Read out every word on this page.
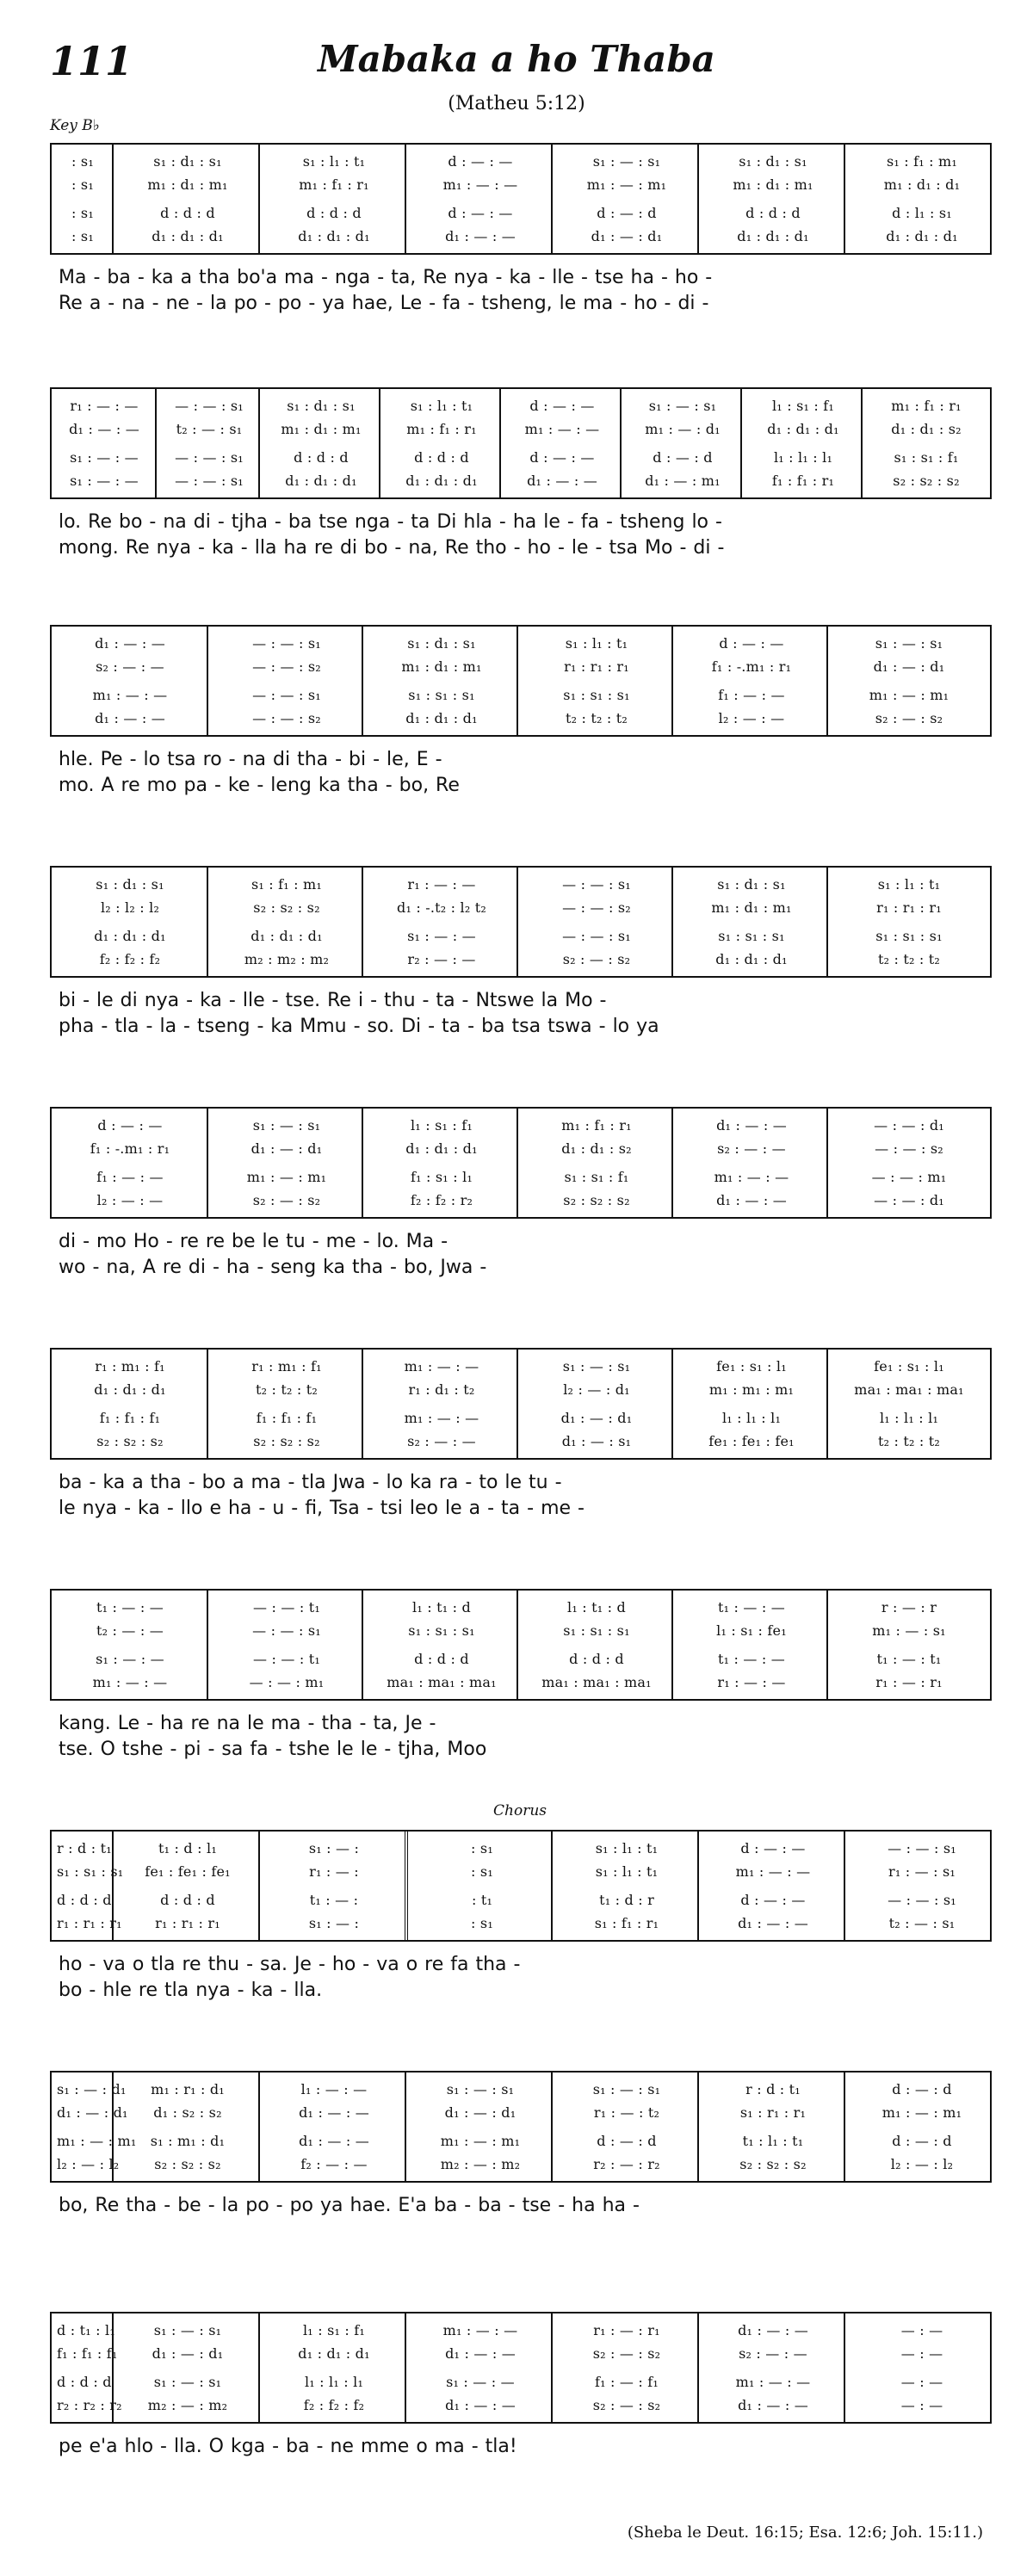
111	Mabaka a ho Thaba
(Matheu 5:12)
Key B♭
: s₁
: s₁
: s₁
: s₁
s₁ : d₁ : s₁
m₁ : d₁ : m₁
d : d : d
d₁ : d₁ : d₁
s₁ : l₁ : t₁
m₁ : f₁ : r₁
d : d : d
d₁ : d₁ : d₁
d : — : —
m₁ : — : —
d : — : —
d₁ : — : —
s₁ : — : s₁
m₁ : — : m₁
d : — : d
d₁ : — : d₁
s₁ : d₁ : s₁
m₁ : d₁ : m₁
d : d : d
d₁ : d₁ : d₁
s₁ : f₁ : m₁
m₁ : d₁ : d₁
d : l₁ : s₁
d₁ : d₁ : d₁
Ma - ba - ka a tha bo'a ma - nga - ta, Re nya - ka - lle - tse ha - ho -
Re a - na - ne - la po - po - ya hae, Le - fa - tsheng, le ma - ho - di -
r₁ : — : —
d₁ : — : —
s₁ : — : —
s₁ : — : —
— : — : s₁
t₂ : — : s₁
— : — : s₁
— : — : s₁
s₁ : d₁ : s₁
m₁ : d₁ : m₁
d : d : d
d₁ : d₁ : d₁
s₁ : l₁ : t₁
m₁ : f₁ : r₁
d : d : d
d₁ : d₁ : d₁
d : — : —
m₁ : — : —
d : — : —
d₁ : — : —
s₁ : — : s₁
m₁ : — : d₁
d : — : d
d₁ : — : m₁
l₁ : s₁ : f₁
d₁ : d₁ : d₁
l₁ : l₁ : l₁
f₁ : f₁ : r₁
m₁ : f₁ : r₁
d₁ : d₁ : s₂
s₁ : s₁ : f₁
s₂ : s₂ : s₂
lo. Re bo - na di - tjha - ba tse nga - ta Di hla - ha le - fa - tsheng lo -
mong. Re nya - ka - lla ha re di bo - na, Re tho - ho - le - tsa Mo - di -
d₁ : — : —
s₂ : — : —
m₁ : — : —
d₁ : — : —
— : — : s₁
— : — : s₂
— : — : s₁
— : — : s₂
s₁ : d₁ : s₁
m₁ : d₁ : m₁
s₁ : s₁ : s₁
d₁ : d₁ : d₁
s₁ : l₁ : t₁
r₁ : r₁ : r₁
s₁ : s₁ : s₁
t₂ : t₂ : t₂
d : — : —
f₁ : -.m₁ : r₁
f₁ : — : —
l₂ : — : —
s₁ : — : s₁
d₁ : — : d₁
m₁ : — : m₁
s₂ : — : s₂
hle. Pe - lo tsa ro - na di tha - bi - le, E -
mo. A re mo pa - ke - leng ka tha - bo, Re
s₁ : d₁ : s₁
l₂ : l₂ : l₂
d₁ : d₁ : d₁
f₂ : f₂ : f₂
s₁ : f₁ : m₁
s₂ : s₂ : s₂
d₁ : d₁ : d₁
m₂ : m₂ : m₂
r₁ : — : —
d₁ : -.t₂ : l₂ t₂
s₁ : — : —
r₂ : — : —
— : — : s₁
— : — : s₂
— : — : s₁
s₂ : — : s₂
s₁ : d₁ : s₁
m₁ : d₁ : m₁
s₁ : s₁ : s₁
d₁ : d₁ : d₁
s₁ : l₁ : t₁
r₁ : r₁ : r₁
s₁ : s₁ : s₁
t₂ : t₂ : t₂
bi - le di nya - ka - lle - tse. Re i - thu - ta - Ntswe la Mo -
pha - tla - la - tseng - ka Mmu - so. Di - ta - ba tsa tswa - lo ya
d : — : —
f₁ : -.m₁ : r₁
f₁ : — : —
l₂ : — : —
s₁ : — : s₁
d₁ : — : d₁
m₁ : — : m₁
s₂ : — : s₂
l₁ : s₁ : f₁
d₁ : d₁ : d₁
f₁ : s₁ : l₁
f₂ : f₂ : r₂
m₁ : f₁ : r₁
d₁ : d₁ : s₂
s₁ : s₁ : f₁
s₂ : s₂ : s₂
d₁ : — : —
s₂ : — : —
m₁ : — : —
d₁ : — : —
— : — : d₁
— : — : s₂
— : — : m₁
— : — : d₁
di - mo Ho - re re be le tu - me - lo. Ma -
wo - na, A re di - ha - seng ka tha - bo, Jwa -
r₁ : m₁ : f₁
d₁ : d₁ : d₁
f₁ : f₁ : f₁
s₂ : s₂ : s₂
r₁ : m₁ : f₁
t₂ : t₂ : t₂
f₁ : f₁ : f₁
s₂ : s₂ : s₂
m₁ : — : —
r₁ : d₁ : t₂
m₁ : — : —
s₂ : — : —
s₁ : — : s₁
l₂ : — : d₁
d₁ : — : d₁
d₁ : — : s₁
fe₁ : s₁ : l₁
m₁ : m₁ : m₁
l₁ : l₁ : l₁
fe₁ : fe₁ : fe₁
fe₁ : s₁ : l₁
ma₁ : ma₁ : ma₁
l₁ : l₁ : l₁
t₂ : t₂ : t₂
ba - ka a tha - bo a ma - tla Jwa - lo ka ra - to le tu -
le nya - ka - llo e ha - u - fi, Tsa - tsi leo le a - ta - me -
t₁ : — : —
t₂ : — : —
s₁ : — : —
m₁ : — : —
— : — : t₁
— : — : s₁
— : — : t₁
— : — : m₁
l₁ : t₁ : d
s₁ : s₁ : s₁
d : d : d
ma₁ : ma₁ : ma₁
l₁ : t₁ : d
s₁ : s₁ : s₁
d : d : d
ma₁ : ma₁ : ma₁
t₁ : — : —
l₁ : s₁ : fe₁
t₁ : — : —
r₁ : — : —
r : — : r
m₁ : — : s₁
t₁ : — : t₁
r₁ : — : r₁
kang. Le - ha re na le ma - tha - ta, Je -
tse. O tshe - pi - sa fa - tshe le le - tjha, Moo
Chorus
r : d : t₁
s₁ : s₁ : s₁
d : d : d
r₁ : r₁ : r₁
t₁ : d : l₁
fe₁ : fe₁ : fe₁
d : d : d
r₁ : r₁ : r₁
s₁ : — :
r₁ : — :
t₁ : — :
s₁ : — :
: s₁
: s₁
: t₁
: s₁
s₁ : l₁ : t₁
s₁ : l₁ : t₁
t₁ : d : r
s₁ : f₁ : r₁
d : — : —
m₁ : — : —
d : — : —
d₁ : — : —
— : — : s₁
r₁ : — : s₁
— : — : s₁
t₂ : — : s₁
ho - va o tla re thu - sa. Je - ho - va o re fa tha -
bo - hle re tla nya - ka - lla.
s₁ : — : d₁
d₁ : — : d₁
m₁ : — : m₁
l₂ : — : l₂
m₁ : r₁ : d₁
d₁ : s₂ : s₂
s₁ : m₁ : d₁
s₂ : s₂ : s₂
l₁ : — : —
d₁ : — : —
d₁ : — : —
f₂ : — : —
s₁ : — : s₁
d₁ : — : d₁
m₁ : — : m₁
m₂ : — : m₂
s₁ : — : s₁
r₁ : — : t₂
d : — : d
r₂ : — : r₂
r : d : t₁
s₁ : r₁ : r₁
t₁ : l₁ : t₁
s₂ : s₂ : s₂
d : — : d
m₁ : — : m₁
d : — : d
l₂ : — : l₂
bo, Re tha - be - la po - po ya hae. E'a ba - ba - tse - ha ha -
d : t₁ : l₁
f₁ : f₁ : f₁
d : d : d
r₂ : r₂ : r₂
s₁ : — : s₁
d₁ : — : d₁
s₁ : — : s₁
m₂ : — : m₂
l₁ : s₁ : f₁
d₁ : d₁ : d₁
l₁ : l₁ : l₁
f₂ : f₂ : f₂
m₁ : — : —
d₁ : — : —
s₁ : — : —
d₁ : — : —
r₁ : — : r₁
s₂ : — : s₂
f₁ : — : f₁
s₂ : — : s₂
d₁ : — : —
s₂ : — : —
m₁ : — : —
d₁ : — : —
— : —
— : —
— : —
— : —
pe e'a hlo - lla. O kga - ba - ne mme o ma - tla!
(Sheba le Deut. 16:15; Esa. 12:6; Joh. 15:11.)
